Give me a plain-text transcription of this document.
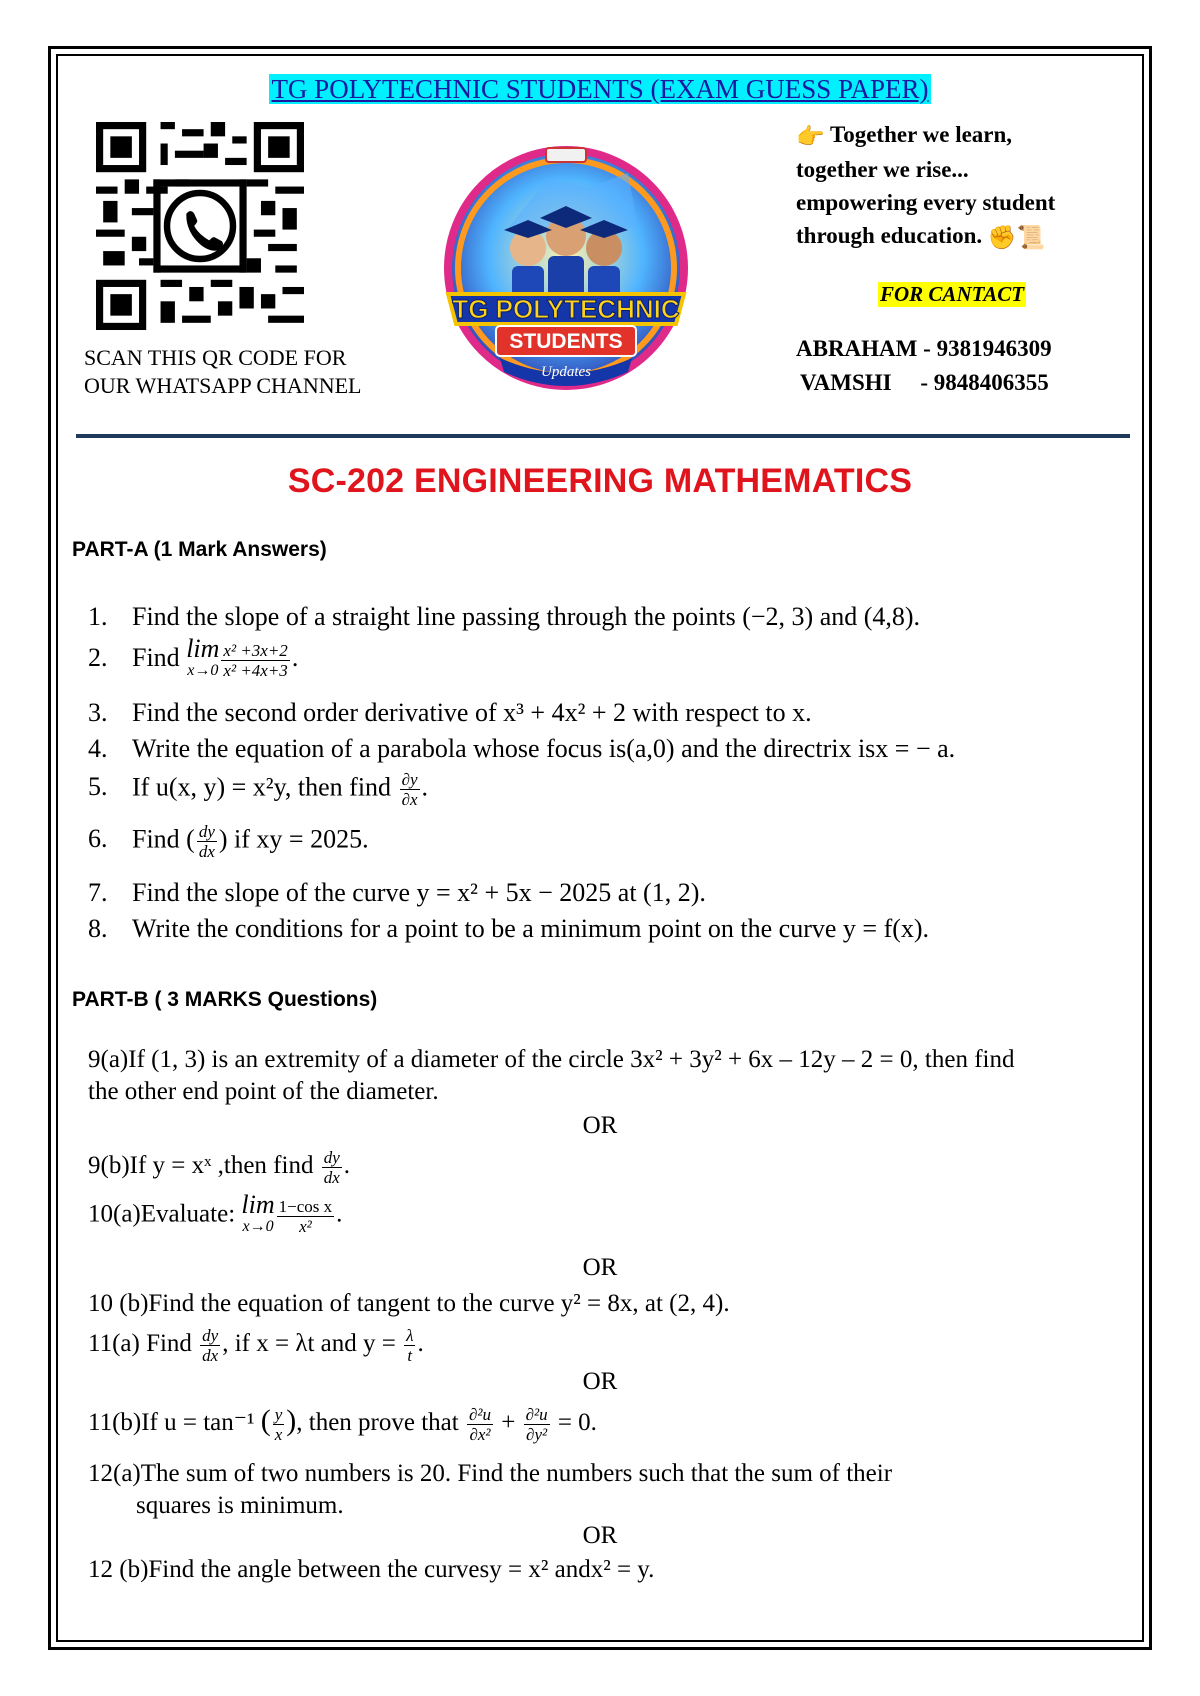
TG POLYTECHNIC STUDENTS (EXAM GUESS PAPER)
SCAN THIS QR CODE FOR
OUR WHATSAPP CHANNEL
TG POLYTECHNIC
STUDENTS
Updates
👉 Together we learn,
together we rise...
empowering every student
through education. ✊📜
FOR CANTACT
ABRAHAM - 9381946309
VAMSHI - 9848406355
SC-202 ENGINEERING MATHEMATICS
PART-A (1 Mark Answers)
1. Find the slope of a straight line passing through the points (−2, 3) and (4,8).
2. Find lim
$x\to 0 \frac{\text{x² +3x+2}}{\text{x² +4x+3}}$ .
3. Find the second order derivative of x³ + 4x² + 2 with respect to x.
4. Write the equation of a parabola whose focus is(a,0) and the directrix isx = − a.
5. If u(x, y) = x²y, then find $\frac{\partial y}{\partial x}$ .
6. Find ( $\frac{dy}{dx}$ ) if xy = 2025.
7. Find the slope of the curve y = x² + 5x − 2025 at (1, 2).
8. Write the conditions for a point to be a minimum point on the curve y = f(x).
PART-B ( 3 MARKS Questions)
9(a)If (1, 3) is an extremity of a diameter of the circle 3x² + 3y² + 6x – 12y – 2 = 0, then find
the other end point of the diameter.
OR
9(b)If y = xˣ ,then find $\frac{dy}{dx}$ .
10(a)Evaluate: lim
$x\to 0 \frac{\text{1−cos x}}{\text{x²}}$ .
OR
10 (b)Find the equation of tangent to the curve y² = 8x, at (2, 4).
11(a) Find $\frac{dy}{dx}$ , if x = λt and $y = \frac{\lambda}{t}$ .
OR
11(b)If u = tan⁻¹ ( $\frac{y}{x}$ ), then prove that $\frac{\text{∂²u}}{\text{∂x²}} + \frac{\text{∂²u}}{\text{∂y²}} = 0$.
12(a)The sum of two numbers is 20. Find the numbers such that the sum of their
squares is minimum.
OR
12 (b)Find the angle between the curvesy = x² andx² = y.
